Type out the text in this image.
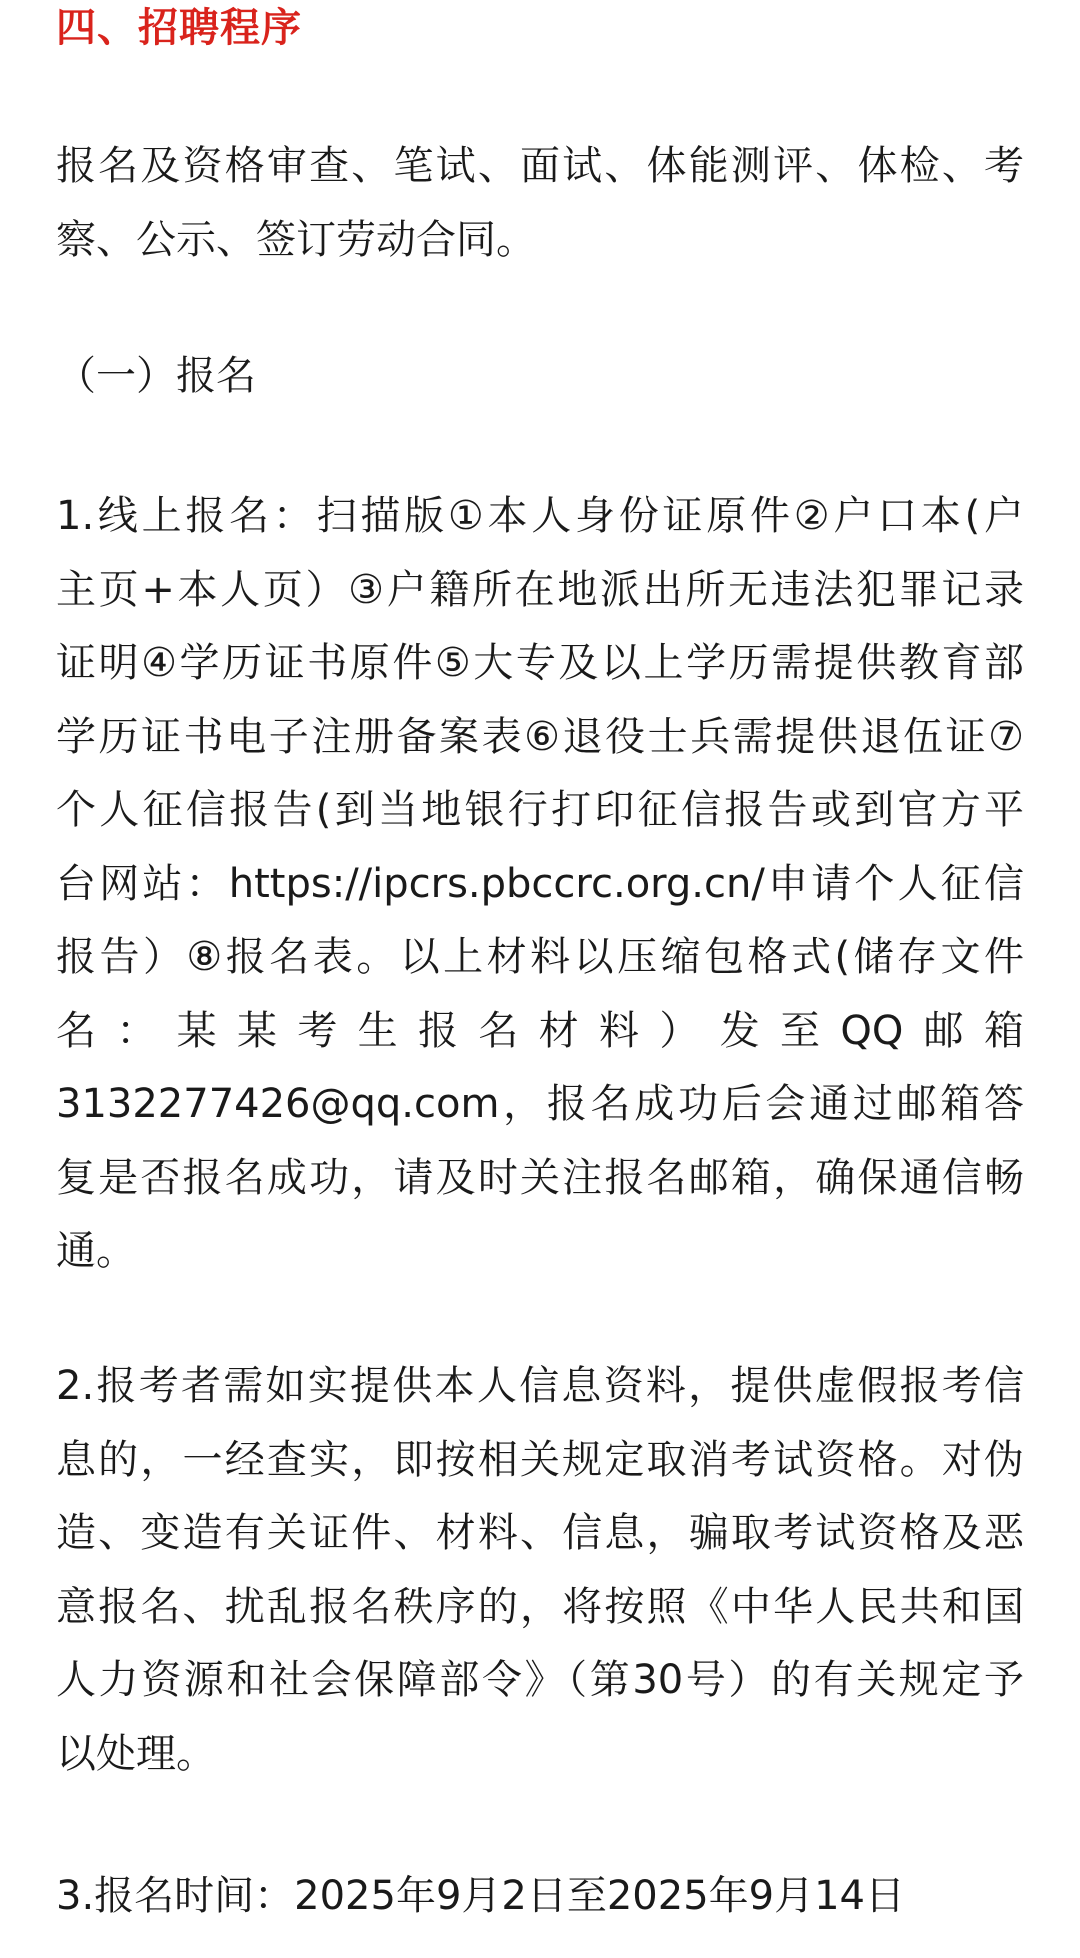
四、招聘程序

报名及资格审查、笔试、面试、体能测评、体检、考
察、公示、签订劳动合同。

（一）报名

1.线上报名：扫描版①本人身份证原件②户口本(户
主页+本人页）③户籍所在地派出所无违法犯罪记录
证明④学历证书原件⑤大专及以上学历需提供教育部
学历证书电子注册备案表⑥退役士兵需提供退伍证⑦
个人征信报告(到当地银行打印征信报告或到官方平
台网站：https://ipcrs.pbccrc.org.cn/申请个人征信
报告）⑧报名表。以上材料以压缩包格式(储存文件
名：某某考生报名材料）发至QQ邮箱
3132277426@qq.com，报名成功后会通过邮箱答
复是否报名成功，请及时关注报名邮箱，确保通信畅
通。

2.报考者需如实提供本人信息资料，提供虚假报考信
息的，一经查实，即按相关规定取消考试资格。对伪
造、变造有关证件、材料、信息，骗取考试资格及恶
意报名、扰乱报名秩序的，将按照《中华人民共和国
人力资源和社会保障部令》（第30号）的有关规定予
以处理。

3.报名时间：2025年9月2日至2025年9月14日
